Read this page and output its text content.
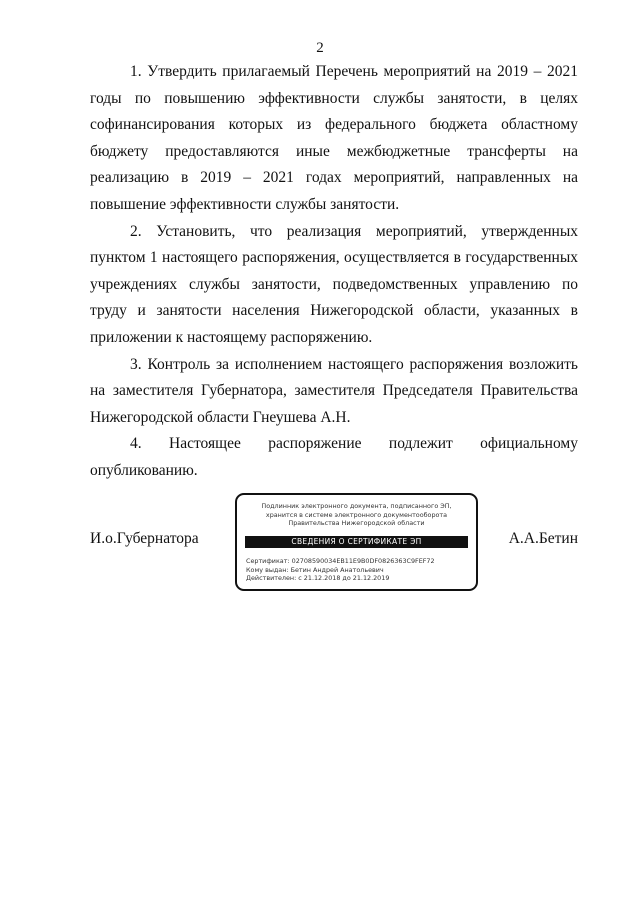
2

1. Утвердить прилагаемый Перечень мероприятий на 2019 – 2021 годы по повышению эффективности службы занятости, в целях софинансирования которых из федерального бюджета областному бюджету предоставляются иные межбюджетные трансферты на реализацию в 2019 – 2021 годах мероприятий, направленных на повышение эффективности службы занятости.

2. Установить, что реализация мероприятий, утвержденных пунктом 1 настоящего распоряжения, осуществляется в государственных учреждениях службы занятости, подведомственных управлению по труду и занятости населения Нижегородской области, указанных в приложении к настоящему распоряжению.

3. Контроль за исполнением настоящего распоряжения возложить на заместителя Губернатора, заместителя Председателя Правительства Нижегородской области Гнеушева А.Н.

4. Настоящее распоряжение подлежит официальному опубликованию.

И.о.Губернатора	А.А.Бетин
Подлинник электронного документа, подписанного ЭП,
хранится в системе электронного документооборота
Правительства Нижегородской области
СВЕДЕНИЯ О СЕРТИФИКАТЕ ЭП
Сертификат: 02708590034EB11E9B0DF0826363C9FEF72
Кому выдан: Бетин Андрей Анатольевич
Действителен: с 21.12.2018 до 21.12.2019
